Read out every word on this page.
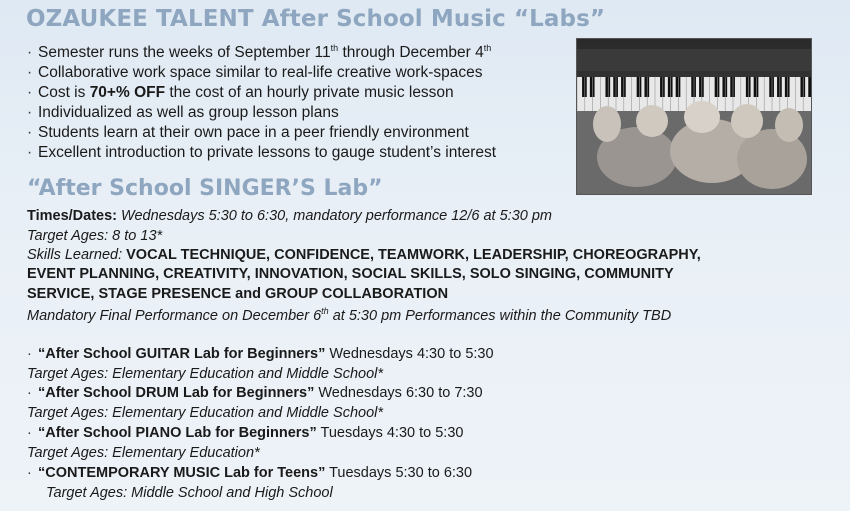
OZAUKEE TALENT After School Music “Labs”
· Semester runs the weeks of September 11th through December 4th
· Collaborative work space similar to real-life creative work-spaces
· Cost is 70+% OFF the cost of an hourly private music lesson
· Individualized as well as group lesson plans
· Students learn at their own pace in a peer friendly environment
· Excellent introduction to private lessons to gauge student’s interest
“After School SINGER’S Lab”
Times/Dates: Wednesdays 5:30 to 6:30, mandatory performance 12/6 at 5:30 pm
Target Ages: 8 to 13*
Skills Learned: VOCAL TECHNIQUE, CONFIDENCE, TEAMWORK, LEADERSHIP, CHOREOGRAPHY,
EVENT PLANNING, CREATIVITY, INNOVATION, SOCIAL SKILLS, SOLO SINGING, COMMUNITY
SERVICE, STAGE PRESENCE and GROUP COLLABORATION
Mandatory Final Performance on December 6th at 5:30 pm Performances within the Community TBD
· “After School GUITAR Lab for Beginners” Wednesdays 4:30 to 5:30
Target Ages: Elementary Education and Middle School*
· “After School DRUM Lab for Beginners” Wednesdays 6:30 to 7:30
Target Ages: Elementary Education and Middle School*
· “After School PIANO Lab for Beginners” Tuesdays 4:30 to 5:30
Target Ages: Elementary Education*
· “CONTEMPORARY MUSIC Lab for Teens” Tuesdays 5:30 to 6:30
Target Ages: Middle School and High School
